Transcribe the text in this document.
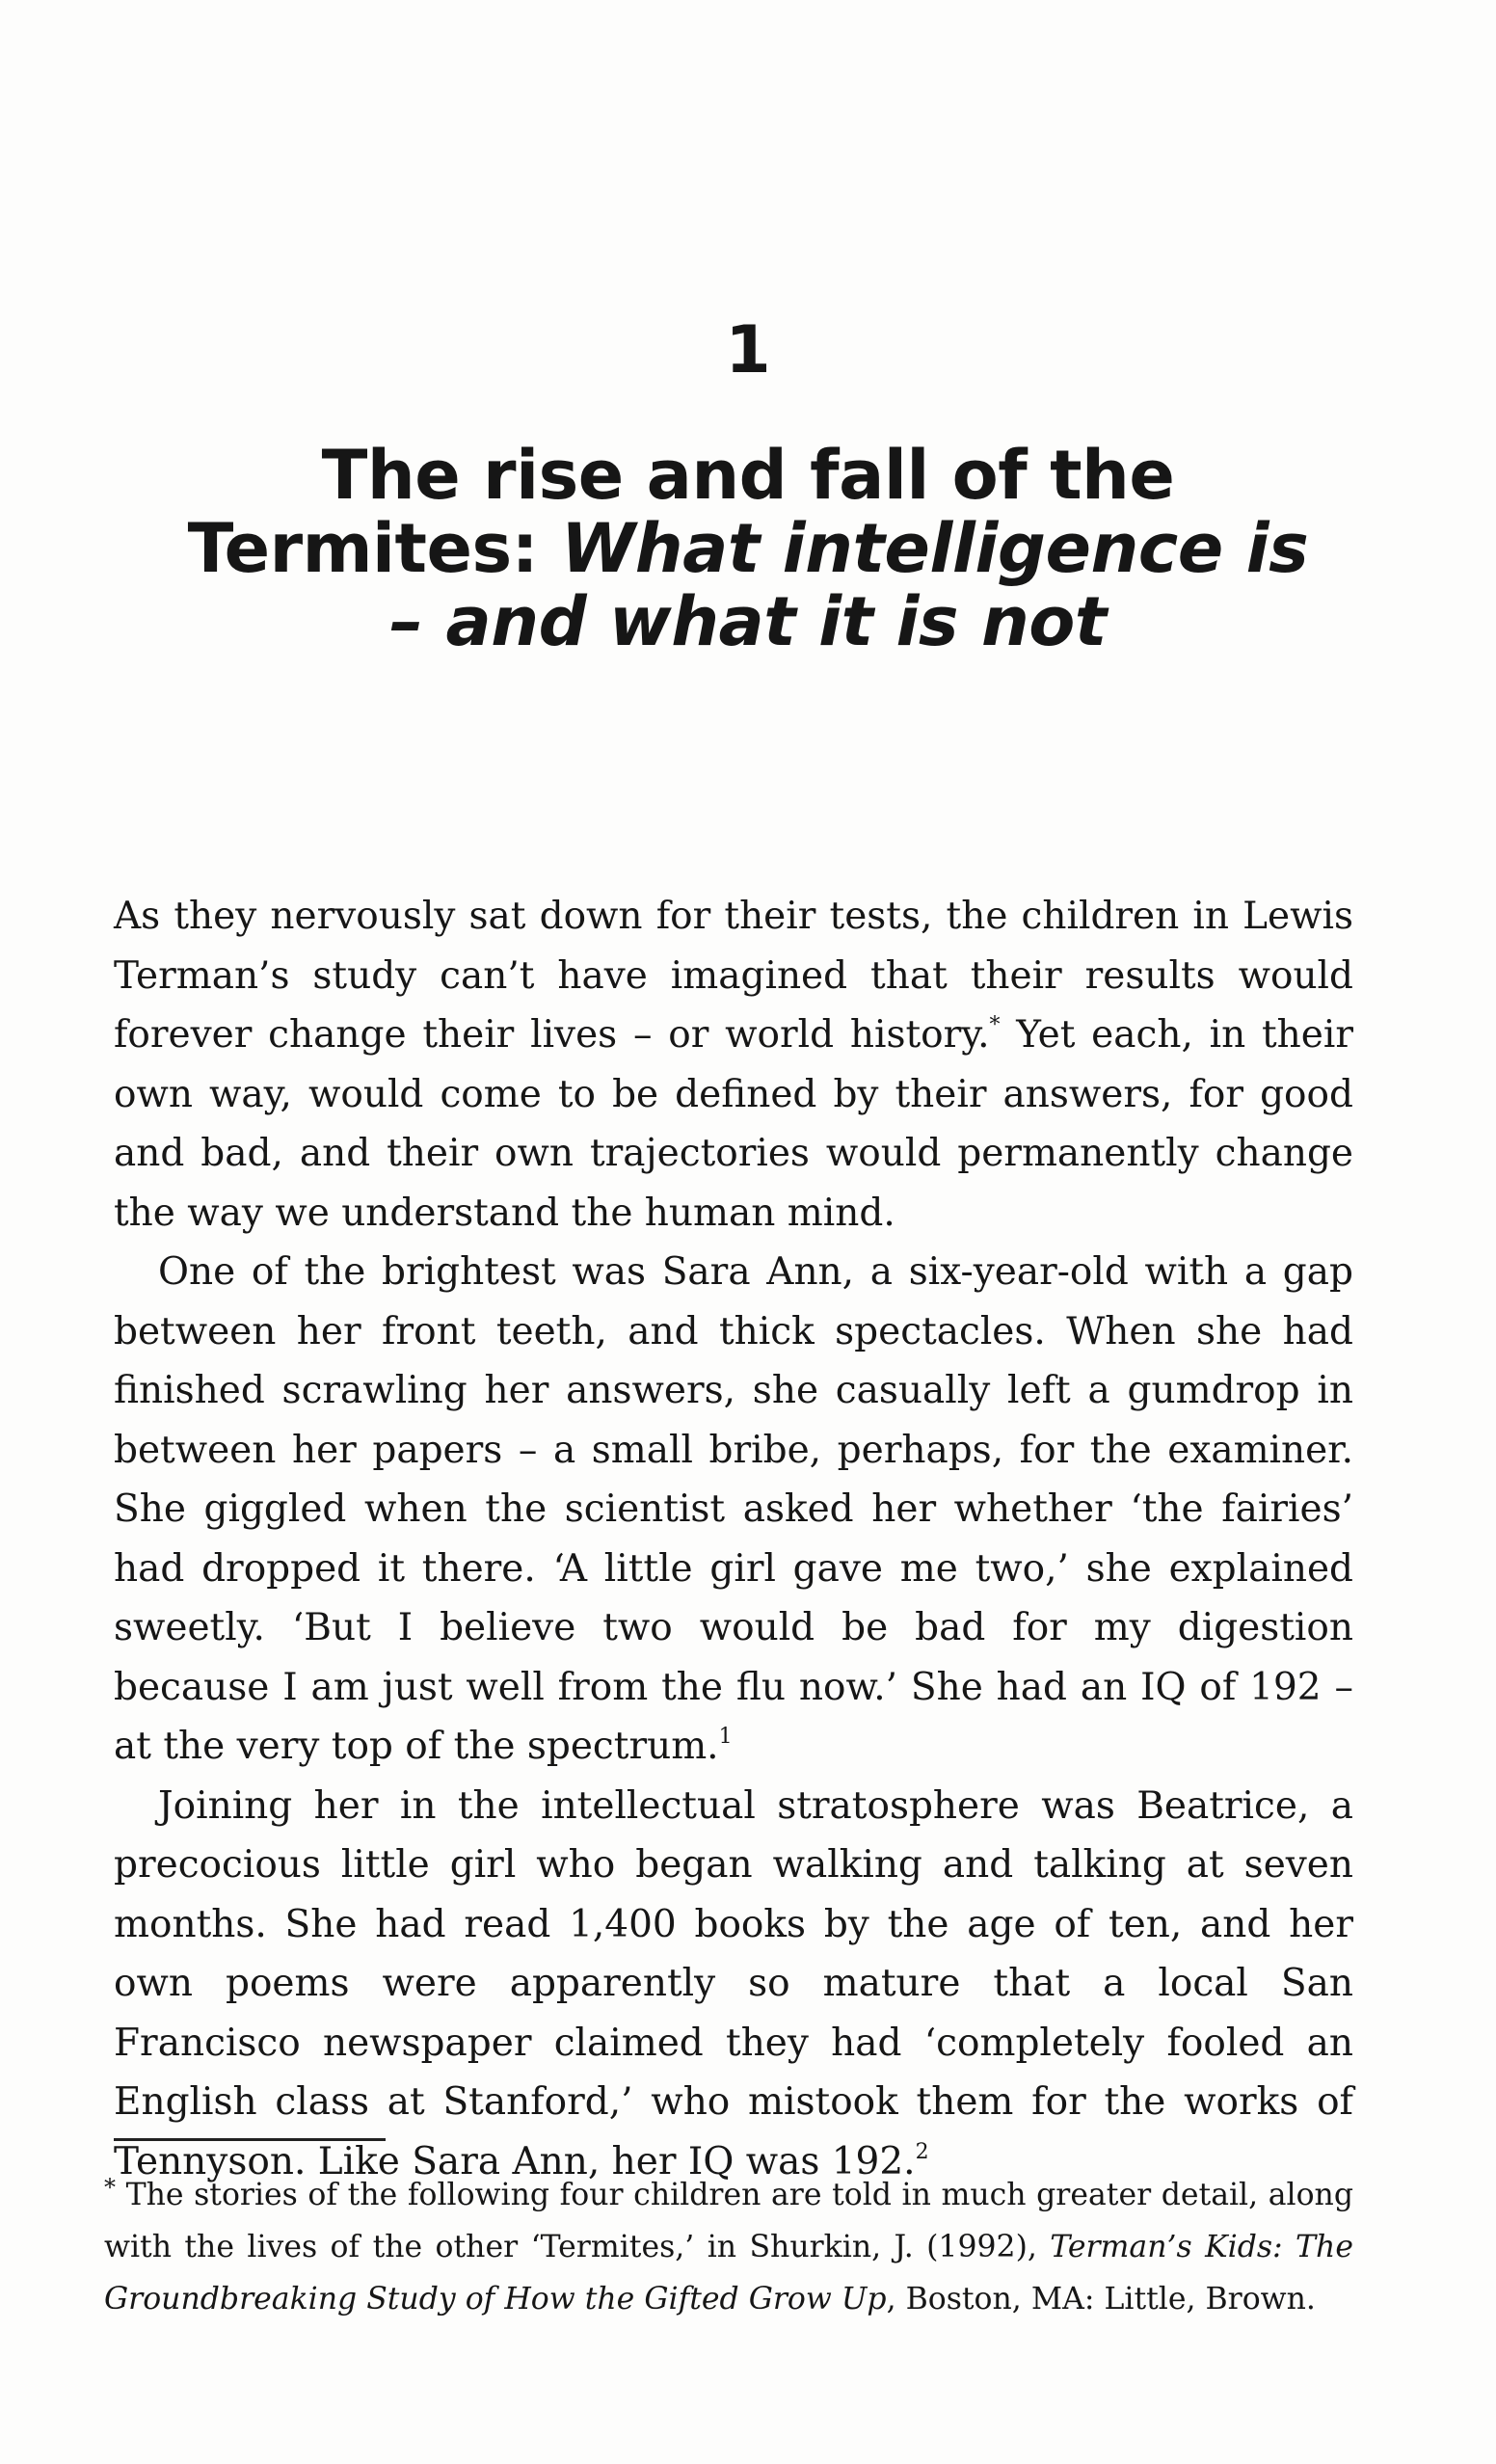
1
The rise and fall of the Termites: What intelligence is – and what it is not

As they nervously sat down for their tests, the children in Lewis Terman’s study can’t have imagined that their results would forever change their lives – or world history.* Yet each, in their own way, would come to be defined by their answers, for good and bad, and their own trajectories would permanently change the way we understand the human mind.

One of the brightest was Sara Ann, a six-year-old with a gap between her front teeth, and thick spectacles. When she had finished scrawling her answers, she casually left a gumdrop in between her papers – a small bribe, perhaps, for the examiner. She giggled when the scientist asked her whether ‘the fairies’ had dropped it there. ‘A little girl gave me two,’ she explained sweetly. ‘But I believe two would be bad for my digestion because I am just well from the flu now.’ She had an IQ of 192 – at the very top of the spectrum.$^1$

Joining her in the intellectual stratosphere was Beatrice, a precocious little girl who began walking and talking at seven months. She had read 1,400 books by the age of ten, and her own poems were apparently so mature that a local San Francisco newspaper claimed they had ‘completely fooled an English class at Stanford,’ who mistook them for the works of Tennyson. Like Sara Ann, her IQ was 192.$^2$

* The stories of the following four children are told in much greater detail, along with the lives of the other ‘Termites,’ in Shurkin, J. (1992), Terman’s Kids: The Groundbreaking Study of How the Gifted Grow Up, Boston, MA: Little, Brown.
